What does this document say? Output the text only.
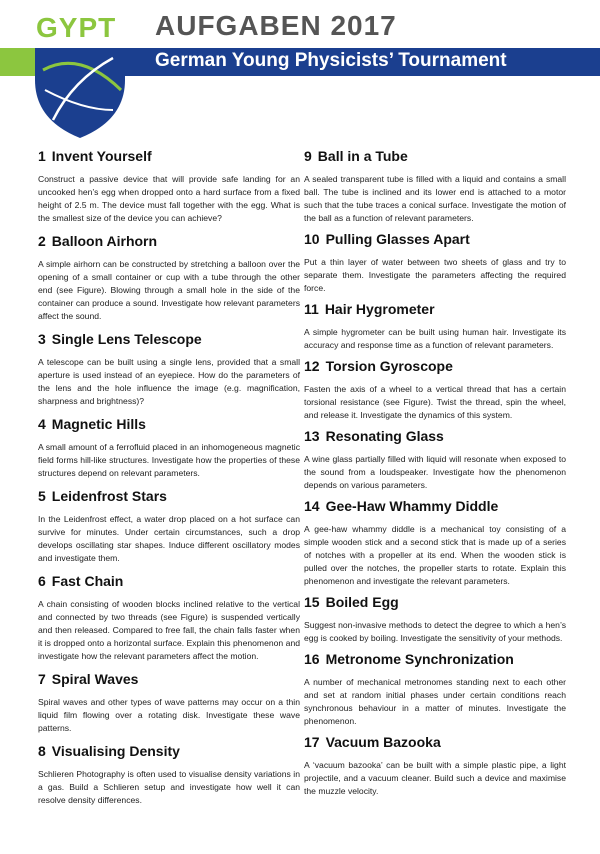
GYPT AUFGABEN 2017
German Young Physicists’ Tournament
1 Invent Yourself

Construct a passive device that will provide safe landing for an uncooked hen’s egg when dropped onto a hard surface from a fixed height of 2.5 m. The device must fall together with the egg. What is the smallest size of the device you can achieve?

2 Balloon Airhorn

A simple airhorn can be constructed by stretching a balloon over the opening of a small container or cup with a tube through the other end (see Figure). Blowing through a small hole in the side of the container can produce a sound. Investigate how relevant parameters affect the sound.

3 Single Lens Telescope

A telescope can be built using a single lens, provided that a small aperture is used instead of an eyepiece. How do the parameters of the lens and the hole influence the image (e.g. magnification, sharpness and brightness)?

4 Magnetic Hills

A small amount of a ferrofluid placed in an inhomogeneous magnetic field forms hill-like structures. Investigate how the properties of these structures depend on relevant parameters.

5 Leidenfrost Stars

In the Leidenfrost effect, a water drop placed on a hot surface can survive for minutes. Under certain circumstances, such a drop develops oscillating star shapes. Induce different oscillatory modes and investigate them.

6 Fast Chain

A chain consisting of wooden blocks inclined relative to the vertical and connected by two threads (see Figure) is suspended vertically and then released. Compared to free fall, the chain falls faster when it is dropped onto a horizontal surface. Explain this phenomenon and investigate how the relevant parameters affect the motion.

7 Spiral Waves

Spiral waves and other types of wave patterns may occur on a thin liquid film flowing over a rotating disk. Investigate these wave patterns.

8 Visualising Density

Schlieren Photography is often used to visualise density variations in a gas. Build a Schlieren setup and investigate how well it can resolve density differences.

9 Ball in a Tube

A sealed transparent tube is filled with a liquid and contains a small ball. The tube is inclined and its lower end is attached to a motor such that the tube traces a conical surface. Investigate the motion of the ball as a function of relevant parameters.

10 Pulling Glasses Apart

Put a thin layer of water between two sheets of glass and try to separate them. Investigate the parameters affecting the required force.

11 Hair Hygrometer

A simple hygrometer can be built using human hair. Investigate its accuracy and response time as a function of relevant parameters.

12 Torsion Gyroscope

Fasten the axis of a wheel to a vertical thread that has a certain torsional resistance (see Figure). Twist the thread, spin the wheel, and release it. Investigate the dynamics of this system.

13 Resonating Glass

A wine glass partially filled with liquid will resonate when exposed to the sound from a loudspeaker. Investigate how the phenomenon depends on various parameters.

14 Gee-Haw Whammy Diddle

A gee-haw whammy diddle is a mechanical toy consisting of a simple wooden stick and a second stick that is made up of a series of notches with a propeller at its end. When the wooden stick is pulled over the notches, the propeller starts to rotate. Explain this phenomenon and investigate the relevant parameters.

15 Boiled Egg

Suggest non-invasive methods to detect the degree to which a hen’s egg is cooked by boiling. Investigate the sensitivity of your methods.

16 Metronome Synchronization

A number of mechanical metronomes standing next to each other and set at random initial phases under certain conditions reach synchronous behaviour in a matter of minutes. Investigate the phenomenon.

17 Vacuum Bazooka

A ‘vacuum bazooka’ can be built with a simple plastic pipe, a light projectile, and a vacuum cleaner. Build such a device and maximise the muzzle velocity.
